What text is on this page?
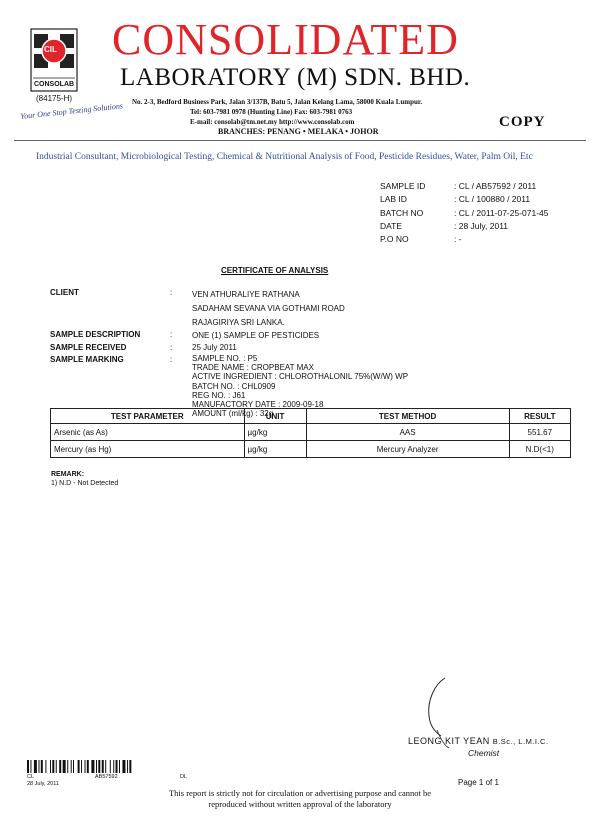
CIL
CONSOLAB
(84175-H)
Your One Stop Testing Solutions
CONSOLIDATED
LABORATORY (M) SDN. BHD.
No. 2-3, Bedford Business Park, Jalan 3/137B, Batu 5, Jalan Kelang Lama, 58000 Kuala Lumpur.
Tel: 603-7981 0978 (Hunting Line) Fax: 603-7981 0763
E-mail: consolab@tm.net.my http://www.consolab.com	COPY
BRANCHES: PENANG • MELAKA • JOHOR
Industrial Consultant, Microbiological Testing, Chemical & Nutritional Analysis of Food, Pesticide Residues, Water, Palm Oil, Etc
SAMPLE ID	: CL / AB57592 / 2011
LAB ID	: CL / 100880 / 2011
BATCH NO	: CL / 2011-07-25-071-45
DATE	: 28 July, 2011
P.O NO	: -
CERTIFICATE OF ANALYSIS
CLIENT	:	VEN ATHURALIYE RATHANA
SADAHAM SEVANA VIA GOTHAMI ROAD
RAJAGIRIYA SRI LANKA.
SAMPLE DESCRIPTION	:	ONE (1) SAMPLE OF PESTICIDES
SAMPLE RECEIVED	:	25 July 2011
SAMPLE MARKING	:	SAMPLE NO. : P5
TRADE NAME : CROPBEAT MAX
ACTIVE INGREDIENT : CHLOROTHALONIL 75%(W/W) WP
BATCH NO. : CHL0909
REG NO. : J61
MANUFACTORY DATE : 2009-09-18
AMOUNT (ml/kg) : 32g
TEST PARAMETER	UNIT	TEST METHOD	RESULT
Arsenic (as As)	µg/kg	AAS	551.67
Mercury (as Hg)	µg/kg	Mercury Analyzer	N.D(<1)
REMARK:
1) N.D - Not Detected
LEONG KIT YEAN B.Sc., L.M.I.C.
Chemist
CL
28 July, 2011
AB57592	DL
Page 1 of 1
This report is strictly not for circulation or advertising purpose and cannot be reproduced without written approval of the laboratory
